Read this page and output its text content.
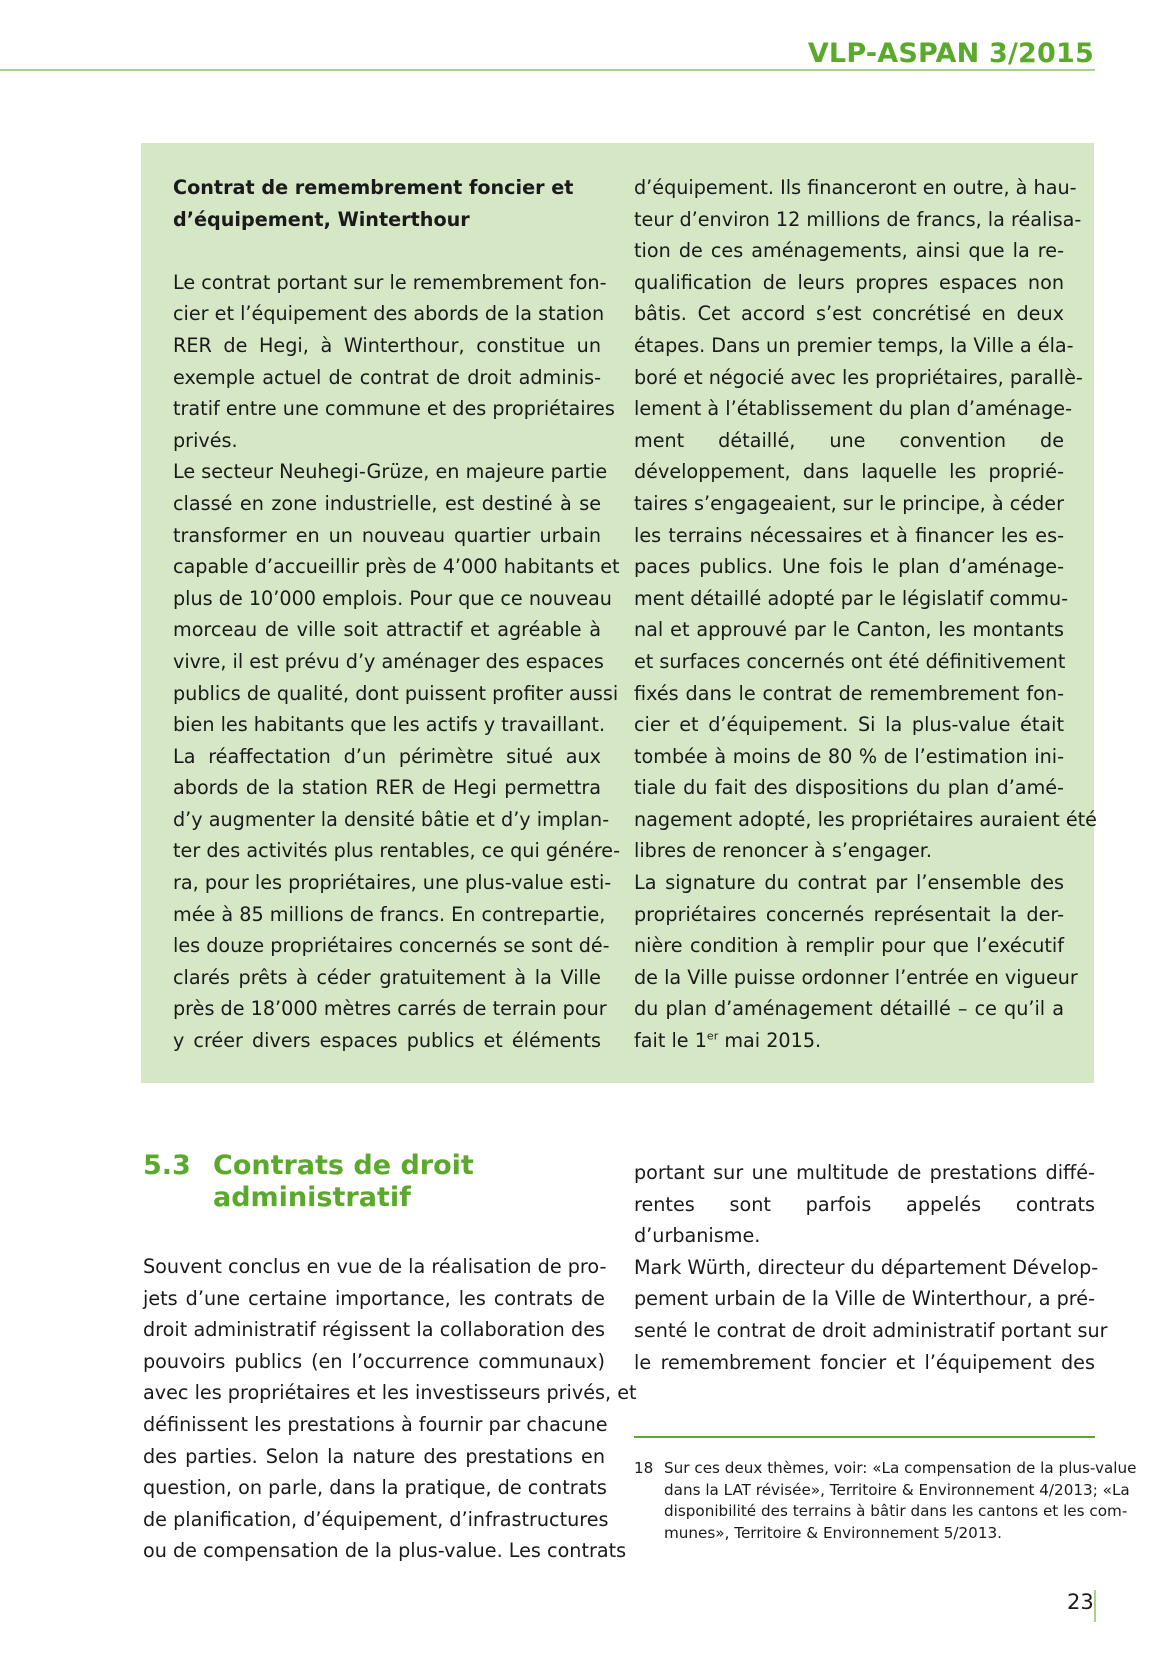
VLP-ASPAN 3/2015
Contrat de remembrement foncier et
d’équipement, Winterthour
Le contrat portant sur le remembrement fon-
cier et l’équipement des abords de la station
RER de Hegi, à Winterthour, constitue un
exemple actuel de contrat de droit adminis-
tratif entre une commune et des propriétaires
privés.
Le secteur Neuhegi-Grüze, en majeure partie
classé en zone industrielle, est destiné à se
transformer en un nouveau quartier urbain
capable d’accueillir près de 4’000 habitants et
plus de 10’000 emplois. Pour que ce nouveau
morceau de ville soit attractif et agréable à
vivre, il est prévu d’y aménager des espaces
publics de qualité, dont puissent profiter aussi
bien les habitants que les actifs y travaillant.
La réaffectation d’un périmètre situé aux
abords de la station RER de Hegi permettra
d’y augmenter la densité bâtie et d’y implan-
ter des activités plus rentables, ce qui génére-
ra, pour les propriétaires, une plus-value esti-
mée à 85 millions de francs. En contrepartie,
les douze propriétaires concernés se sont dé-
clarés prêts à céder gratuitement à la Ville
près de 18’000 mètres carrés de terrain pour
y créer divers espaces publics et éléments
d’équipement. Ils financeront en outre, à hau-
teur d’environ 12 millions de francs, la réalisa-
tion de ces aménagements, ainsi que la re-
qualification de leurs propres espaces non
bâtis. Cet accord s’est concrétisé en deux
étapes. Dans un premier temps, la Ville a éla-
boré et négocié avec les propriétaires, parallè-
lement à l’établissement du plan d’aménage-
ment détaillé, une convention de
développement, dans laquelle les proprié-
taires s’engageaient, sur le principe, à céder
les terrains nécessaires et à financer les es-
paces publics. Une fois le plan d’aménage-
ment détaillé adopté par le législatif commu-
nal et approuvé par le Canton, les montants
et surfaces concernés ont été définitivement
fixés dans le contrat de remembrement fon-
cier et d’équipement. Si la plus-value était
tombée à moins de 80 % de l’estimation ini-
tiale du fait des dispositions du plan d’amé-
nagement adopté, les propriétaires auraient été
libres de renoncer à s’engager.
La signature du contrat par l’ensemble des
propriétaires concernés représentait la der-
nière condition à remplir pour que l’exécutif
de la Ville puisse ordonner l’entrée en vigueur
du plan d’aménagement détaillé – ce qu’il a
fait le 1er mai 2015.
5.3 Contrats de droit
administratif
Souvent conclus en vue de la réalisation de pro-
jets d’une certaine importance, les contrats de
droit administratif régissent la collaboration des
pouvoirs publics (en l’occurrence communaux)
avec les propriétaires et les investisseurs privés, et
définissent les prestations à fournir par chacune
des parties. Selon la nature des prestations en
question, on parle, dans la pratique, de contrats
de planification, d’équipement, d’infrastructures
ou de compensation de la plus-value. Les contrats
portant sur une multitude de prestations diffé-
rentes sont parfois appelés contrats
d’urbanisme.
Mark Würth, directeur du département Dévelop-
pement urbain de la Ville de Winterthour, a pré-
senté le contrat de droit administratif portant sur
le remembrement foncier et l’équipement des
18 Sur ces deux thèmes, voir: «La compensation de la plus-value
dans la LAT révisée», Territoire & Environnement 4/2013; «La
disponibilité des terrains à bâtir dans les cantons et les com-
munes», Territoire & Environnement 5/2013.
23
